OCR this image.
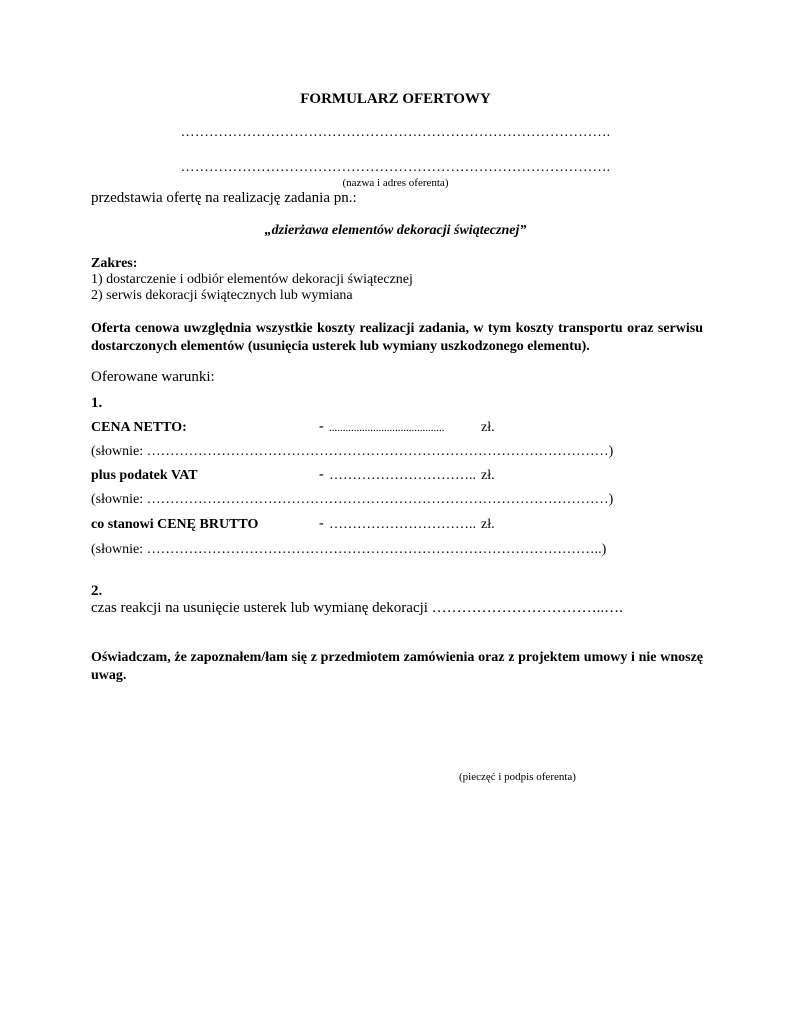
FORMULARZ OFERTOWY
……………………………………………………………………………….
……………………………………………………………………………….
(nazwa i adres oferenta)
przedstawia ofertę na realizację zadania pn.:
„dzierżawa elementów dekoracji świątecznej”
Zakres:
1) dostarczenie i odbiór elementów dekoracji świątecznej
2) serwis dekoracji świątecznych lub wymiana
Oferta cenowa uwzględnia wszystkie koszty realizacji zadania, w tym koszty transportu oraz serwisu dostarczonych elementów (usunięcia usterek lub wymiany uszkodzonego elementu).
Oferowane warunki:
1.
CENA NETTO:	- ..........................................	zł.
(słownie: ………………………………………………………………………………………)
plus podatek VAT	- ………………………….. zł.
(słownie: ………………………………………………………………………………………)
co stanowi CENĘ BRUTTO	- ………………………….. zł.
(słownie: ……………………………………………………………………………………..)
2.
czas reakcji na usunięcie usterek lub wymianę dekoracji ……………………………..….
Oświadczam, że zapoznałem/łam się z przedmiotem zamówienia oraz z projektem umowy i nie wnoszę uwag.
(pieczęć i podpis oferenta)
